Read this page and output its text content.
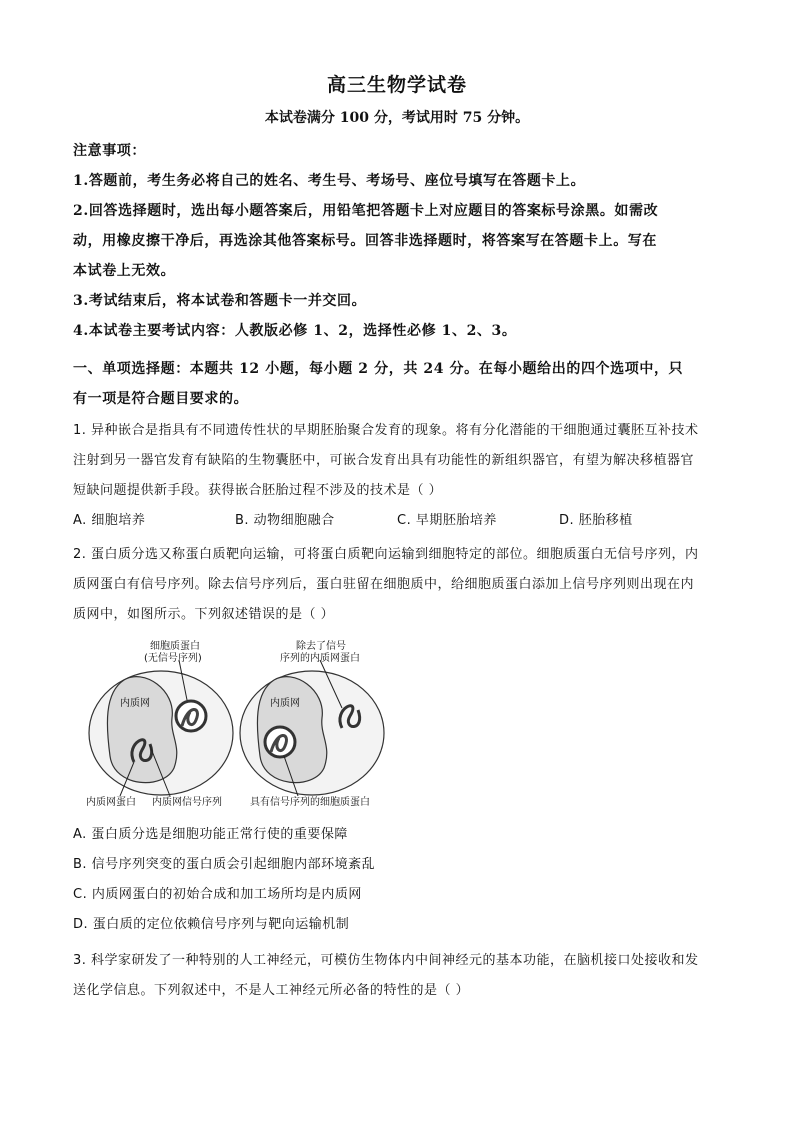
高三生物学试卷
本试卷满分 100 分，考试用时 75 分钟。
注意事项：
1.答题前，考生务必将自己的姓名、考生号、考场号、座位号填写在答题卡上。
2.回答选择题时，选出每小题答案后，用铅笔把答题卡上对应题目的答案标号涂黑。如需改
动，用橡皮擦干净后，再选涂其他答案标号。回答非选择题时，将答案写在答题卡上。写在
本试卷上无效。
3.考试结束后，将本试卷和答题卡一并交回。
4.本试卷主要考试内容：人教版必修 1、2，选择性必修 1、2、3。
一、单项选择题：本题共 12 小题，每小题 2 分，共 24 分。在每小题给出的四个选项中，只
有一项是符合题目要求的。
1. 异种嵌合是指具有不同遗传性状的早期胚胎聚合发育的现象。将有分化潜能的干细胞通过囊胚互补技术
注射到另一器官发育有缺陷的生物囊胚中，可嵌合发育出具有功能性的新组织器官，有望为解决移植器官
短缺问题提供新手段。获得嵌合胚胎过程不涉及的技术是（ ）
A. 细胞培养	B. 动物细胞融合	C. 早期胚胎培养	D. 胚胎移植
2. 蛋白质分选又称蛋白质靶向运输，可将蛋白质靶向运输到细胞特定的部位。细胞质蛋白无信号序列，内
质网蛋白有信号序列。除去信号序列后，蛋白驻留在细胞质中，给细胞质蛋白添加上信号序列则出现在内
质网中，如图所示。下列叙述错误的是（ ）
细胞质蛋白
(无信号序列)
内质网
内质网蛋白 内质网信号序列
除去了信号
序列的内质网蛋白
内质网
具有信号序列的细胞质蛋白
A. 蛋白质分选是细胞功能正常行使的重要保障
B. 信号序列突变的蛋白质会引起细胞内部环境紊乱
C. 内质网蛋白的初始合成和加工场所均是内质网
D. 蛋白质的定位依赖信号序列与靶向运输机制
3. 科学家研发了一种特别的人工神经元，可模仿生物体内中间神经元的基本功能，在脑机接口处接收和发
送化学信息。下列叙述中，不是人工神经元所必备的特性的是（ ）
